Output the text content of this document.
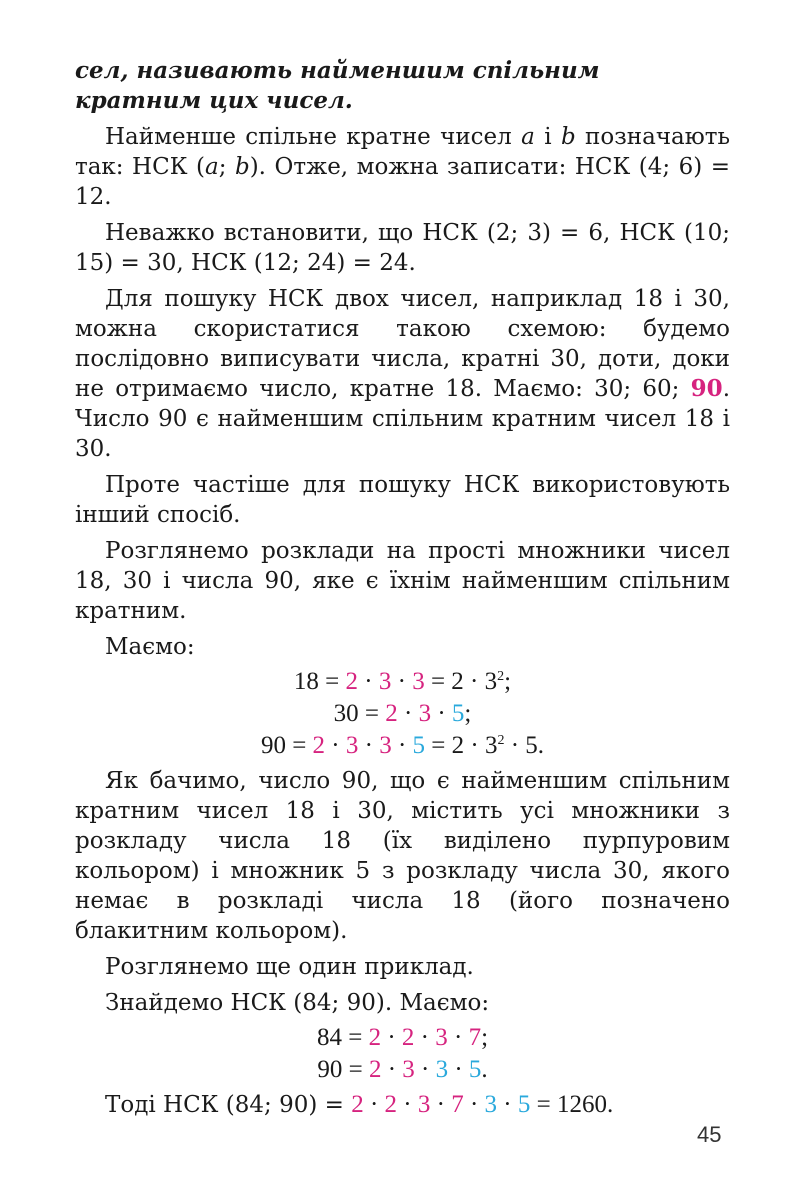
сел, називають найменшим спільним кратним цих чисел.

Найменше спільне кратне чисел a і b позначають так: НСК (a; b). Отже, можна записати: НСК (4; 6) = 12.

Неважко встановити, що НСК (2; 3) = 6, НСК (10; 15) = 30, НСК (12; 24) = 24.

Для пошуку НСК двох чисел, наприклад 18 і 30, можна скористатися такою схемою: будемо послідовно виписувати числа, кратні 30, доти, доки не отримаємо число, кратне 18. Маємо: 30; 60; 90. Число 90 є найменшим спільним кратним чисел 18 і 30.

Проте частіше для пошуку НСК використовують інший спосіб.

Розглянемо розклади на прості множники чисел 18, 30 і числа 90, яке є їхнім найменшим спільним кратним.

Маємо:

$18 = 2 \cdot 3 \cdot 3 = 2 \cdot 3^2$;

30 = 2 · 3 · 5;

$90 = 2 \cdot 3 \cdot 3 \cdot 5 = 2 \cdot 3^2 \cdot 5$.

Як бачимо, число 90, що є найменшим спільним кратним чисел 18 і 30, містить усі множники з розкладу числа 18 (їх виділено пурпуровим кольором) і множник 5 з розкладу числа 30, якого немає в розкладі числа 18 (його позначено блакитним кольором).

Розглянемо ще один приклад.

Знайдемо НСК (84; 90). Маємо:

84 = 2 · 2 · 3 · 7;

90 = 2 · 3 · 3 · 5.

Тоді НСК (84; 90) = 2 · 2 · 3 · 7 · 3 · 5 = 1260.

45
